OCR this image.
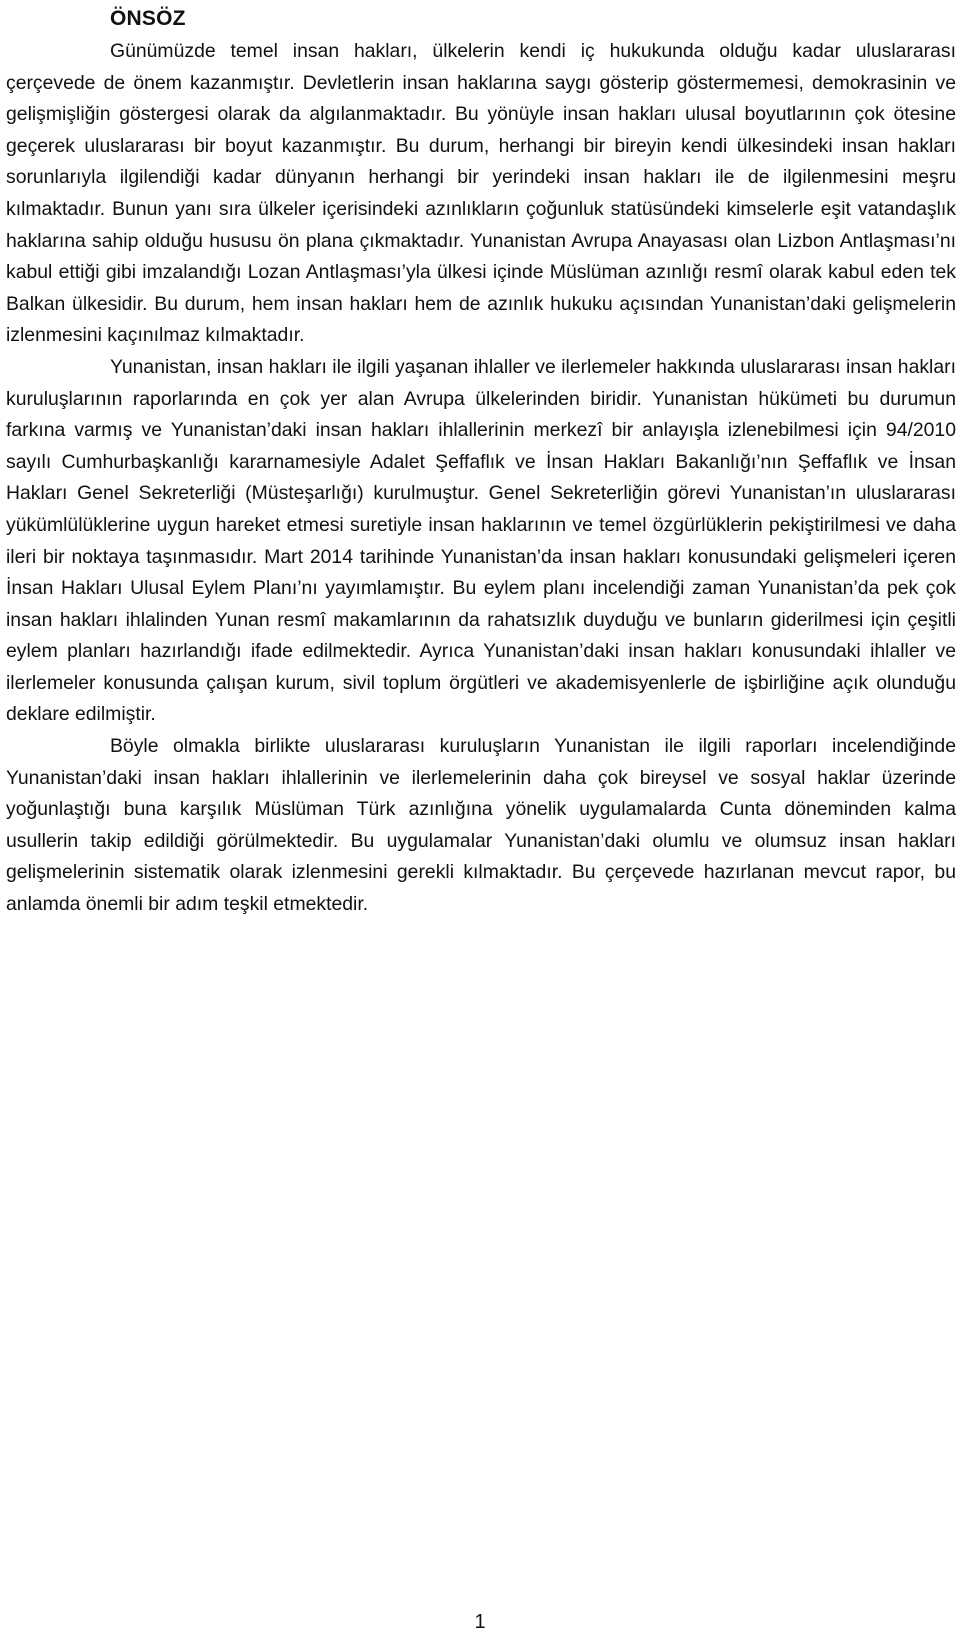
ÖNSÖZ

Günümüzde temel insan hakları, ülkelerin kendi iç hukukunda olduğu kadar uluslararası çerçevede de önem kazanmıştır. Devletlerin insan haklarına saygı gösterip göstermemesi, demokrasinin ve gelişmişliğin göstergesi olarak da algılanmaktadır. Bu yönüyle insan hakları ulusal boyutlarının çok ötesine geçerek uluslararası bir boyut kazanmıştır. Bu durum, herhangi bir bireyin kendi ülkesindeki insan hakları sorunlarıyla ilgilendiği kadar dünyanın herhangi bir yerindeki insan hakları ile de ilgilenmesini meşru kılmaktadır. Bunun yanı sıra ülkeler içerisindeki azınlıkların çoğunluk statüsündeki kimselerle eşit vatandaşlık haklarına sahip olduğu hususu ön plana çıkmaktadır. Yunanistan Avrupa Anayasası olan Lizbon Antlaşması’nı kabul ettiği gibi imzalandığı Lozan Antlaşması’yla ülkesi içinde Müslüman azınlığı resmî olarak kabul eden tek Balkan ülkesidir. Bu durum, hem insan hakları hem de azınlık hukuku açısından Yunanistan’daki gelişmelerin izlenmesini kaçınılmaz kılmaktadır.

Yunanistan, insan hakları ile ilgili yaşanan ihlaller ve ilerlemeler hakkında uluslararası insan hakları kuruluşlarının raporlarında en çok yer alan Avrupa ülkelerinden biridir. Yunanistan hükümeti bu durumun farkına varmış ve Yunanistan’daki insan hakları ihlallerinin merkezî bir anlayışla izlenebilmesi için 94/2010 sayılı Cumhurbaşkanlığı kararnamesiyle Adalet Şeffaflık ve İnsan Hakları Bakanlığı’nın Şeffaflık ve İnsan Hakları Genel Sekreterliği (Müsteşarlığı) kurulmuştur. Genel Sekreterliğin görevi Yunanistan’ın uluslararası yükümlülüklerine uygun hareket etmesi suretiyle insan haklarının ve temel özgürlüklerin pekiştirilmesi ve daha ileri bir noktaya taşınmasıdır. Mart 2014 tarihinde Yunanistan’da insan hakları konusundaki gelişmeleri içeren İnsan Hakları Ulusal Eylem Planı’nı yayımlamıştır. Bu eylem planı incelendiği zaman Yunanistan’da pek çok insan hakları ihlalinden Yunan resmî makamlarının da rahatsızlık duyduğu ve bunların giderilmesi için çeşitli eylem planları hazırlandığı ifade edilmektedir. Ayrıca Yunanistan’daki insan hakları konusundaki ihlaller ve ilerlemeler konusunda çalışan kurum, sivil toplum örgütleri ve akademisyenlerle de işbirliğine açık olunduğu deklare edilmiştir.

Böyle olmakla birlikte uluslararası kuruluşların Yunanistan ile ilgili raporları incelendiğinde Yunanistan’daki insan hakları ihlallerinin ve ilerlemelerinin daha çok bireysel ve sosyal haklar üzerinde yoğunlaştığı buna karşılık Müslüman Türk azınlığına yönelik uygulamalarda Cunta döneminden kalma usullerin takip edildiği görülmektedir. Bu uygulamalar Yunanistan’daki olumlu ve olumsuz insan hakları gelişmelerinin sistematik olarak izlenmesini gerekli kılmaktadır. Bu çerçevede hazırlanan mevcut rapor, bu anlamda önemli bir adım teşkil etmektedir.

1
